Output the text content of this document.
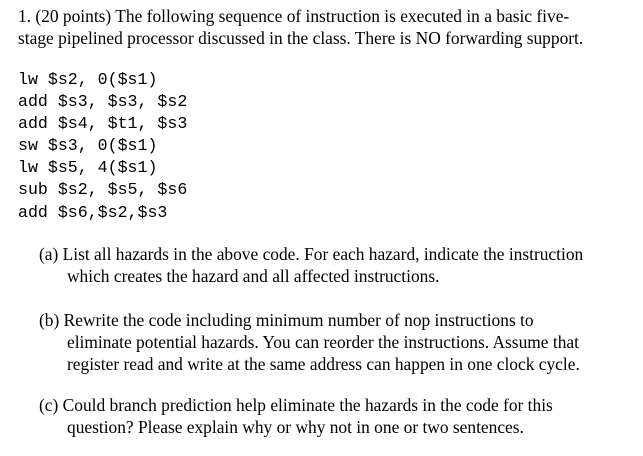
1. (20 points) The following sequence of instruction is executed in a basic five-
stage pipelined processor discussed in the class. There is NO forwarding support.

lw $s2, 0($s1)
add $s3, $s3, $s2
add $s4, $t1, $s3
sw $s3, 0($s1)
lw $s5, 4($s1)
sub $s2, $s5, $s6
add $s6,$s2,$s3

(a) List all hazards in the above code. For each hazard, indicate the instruction
which creates the hazard and all affected instructions.

(b) Rewrite the code including minimum number of nop instructions to
eliminate potential hazards. You can reorder the instructions. Assume that
register read and write at the same address can happen in one clock cycle.

(c) Could branch prediction help eliminate the hazards in the code for this
question? Please explain why or why not in one or two sentences.
